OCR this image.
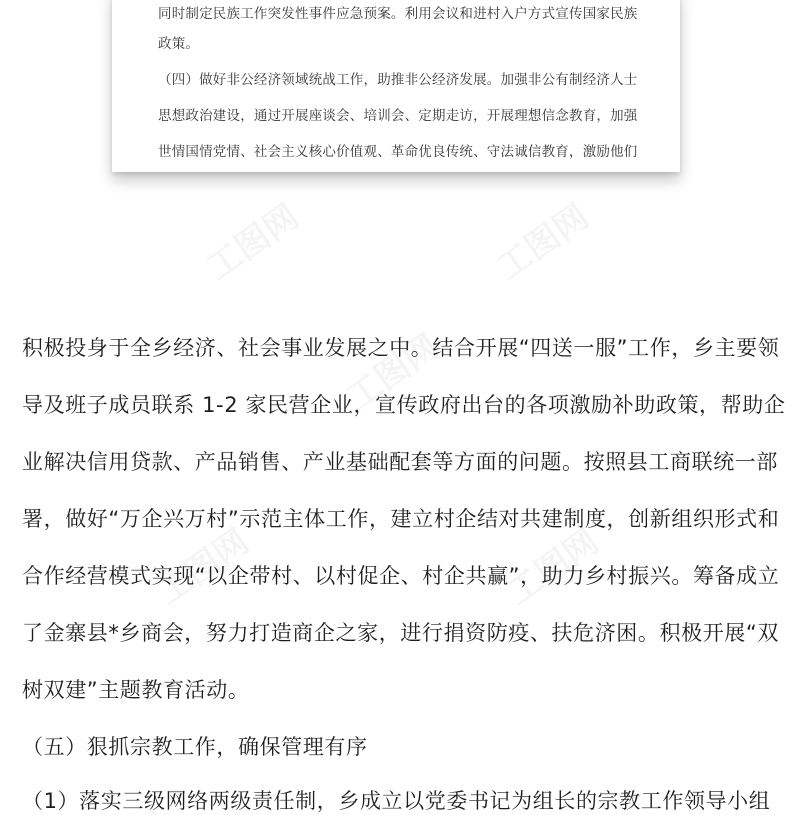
同时制定民族工作突发性事件应急预案。利用会议和进村入户方式宣传国家民族
政策。
（四）做好非公经济领域统战工作，助推非公经济发展。加强非公有制经济人士
思想政治建设，通过开展座谈会、培训会、定期走访，开展理想信念教育，加强
世情国情党情、社会主义核心价值观、革命优良传统、守法诚信教育，激励他们
积极投身于全乡经济、社会事业发展之中。结合开展“四送一服”工作，乡主要领
导及班子成员联系 1-2 家民营企业，宣传政府出台的各项激励补助政策，帮助企
业解决信用贷款、产品销售、产业基础配套等方面的问题。按照县工商联统一部
署，做好“万企兴万村”示范主体工作，建立村企结对共建制度，创新组织形式和
合作经营模式实现“以企带村、以村促企、村企共赢”，助力乡村振兴。筹备成立
了金寨县*乡商会，努力打造商企之家，进行捐资防疫、扶危济困。积极开展“双
树双建”主题教育活动。
（五）狠抓宗教工作，确保管理有序
（1）落实三级网络两级责任制，乡成立以党委书记为组长的宗教工作领导小组
